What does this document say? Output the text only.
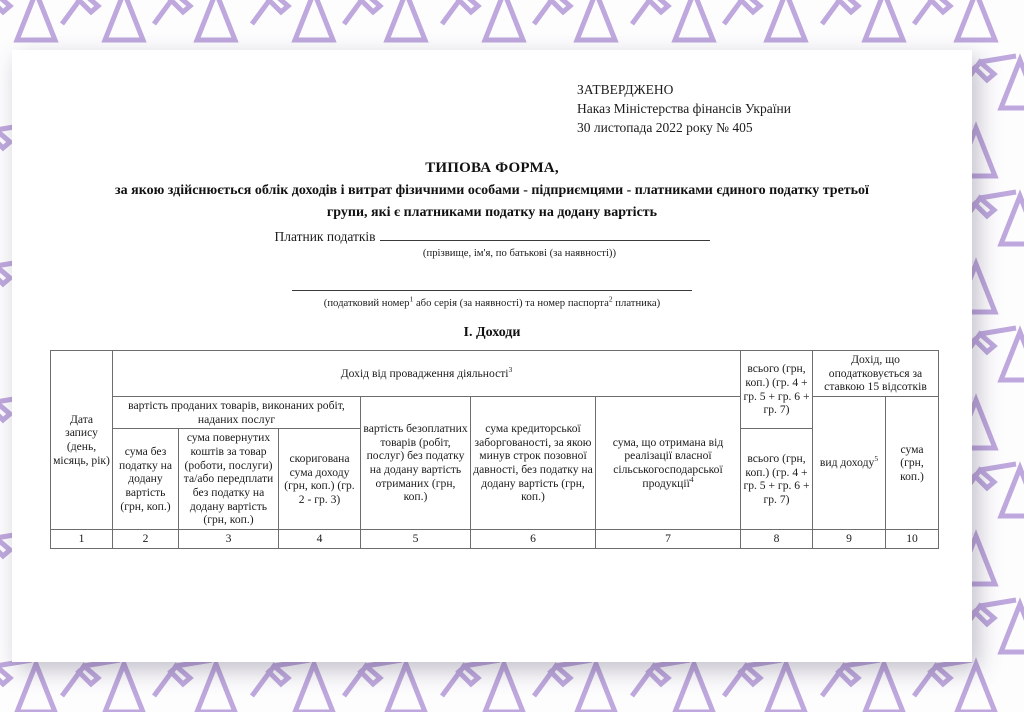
ЗАТВЕРДЖЕНО
Наказ Міністерства фінансів України
30 листопада 2022 року № 405
ТИПОВА ФОРМА,
за якою здійснюється облік доходів і витрат фізичними особами - підприємцями - платниками єдиного податку третьої
групи, які є платниками податку на додану вартість
Платник податків
(прізвище, ім'я, по батькові (за наявності))
(податковий номер$^1$ або серія (за наявності) та номер паспорта$^2$ платника)
I. Доходи
Дата запису (день, місяць, рік)	Дохід від провадження діяльності$^3$						всього (грн, коп.) (гр. 4 + гр. 5 + гр. 6 + гр. 7)	Дохід, що оподатковується за ставкою 15 відсотків	
	вартість проданих товарів, виконаних робіт, наданих послуг			вартість безоплатних товарів (робіт, послуг) без податку на додану вартість отриманих (грн, коп.)	сума кредиторської заборгованості, за якою минув строк позовної давності, без податку на додану вартість (грн, коп.)	сума, що отримана від реалізації власної сільськогосподарської продукції$^4$		вид доходу$^5$	сума (грн, коп.)
	сума без податку на додану вартість (грн, коп.)	сума повернутих коштів за товар (роботи, послуги) та/або передплати без податку на додану вартість (грн, коп.)	скоригована сума доходу (грн, коп.) (гр. 2 - гр. 3)				всього (грн, коп.) (гр. 4 + гр. 5 + гр. 6 + гр. 7)		
1	2	3	4	5	6	7	8	9	10
